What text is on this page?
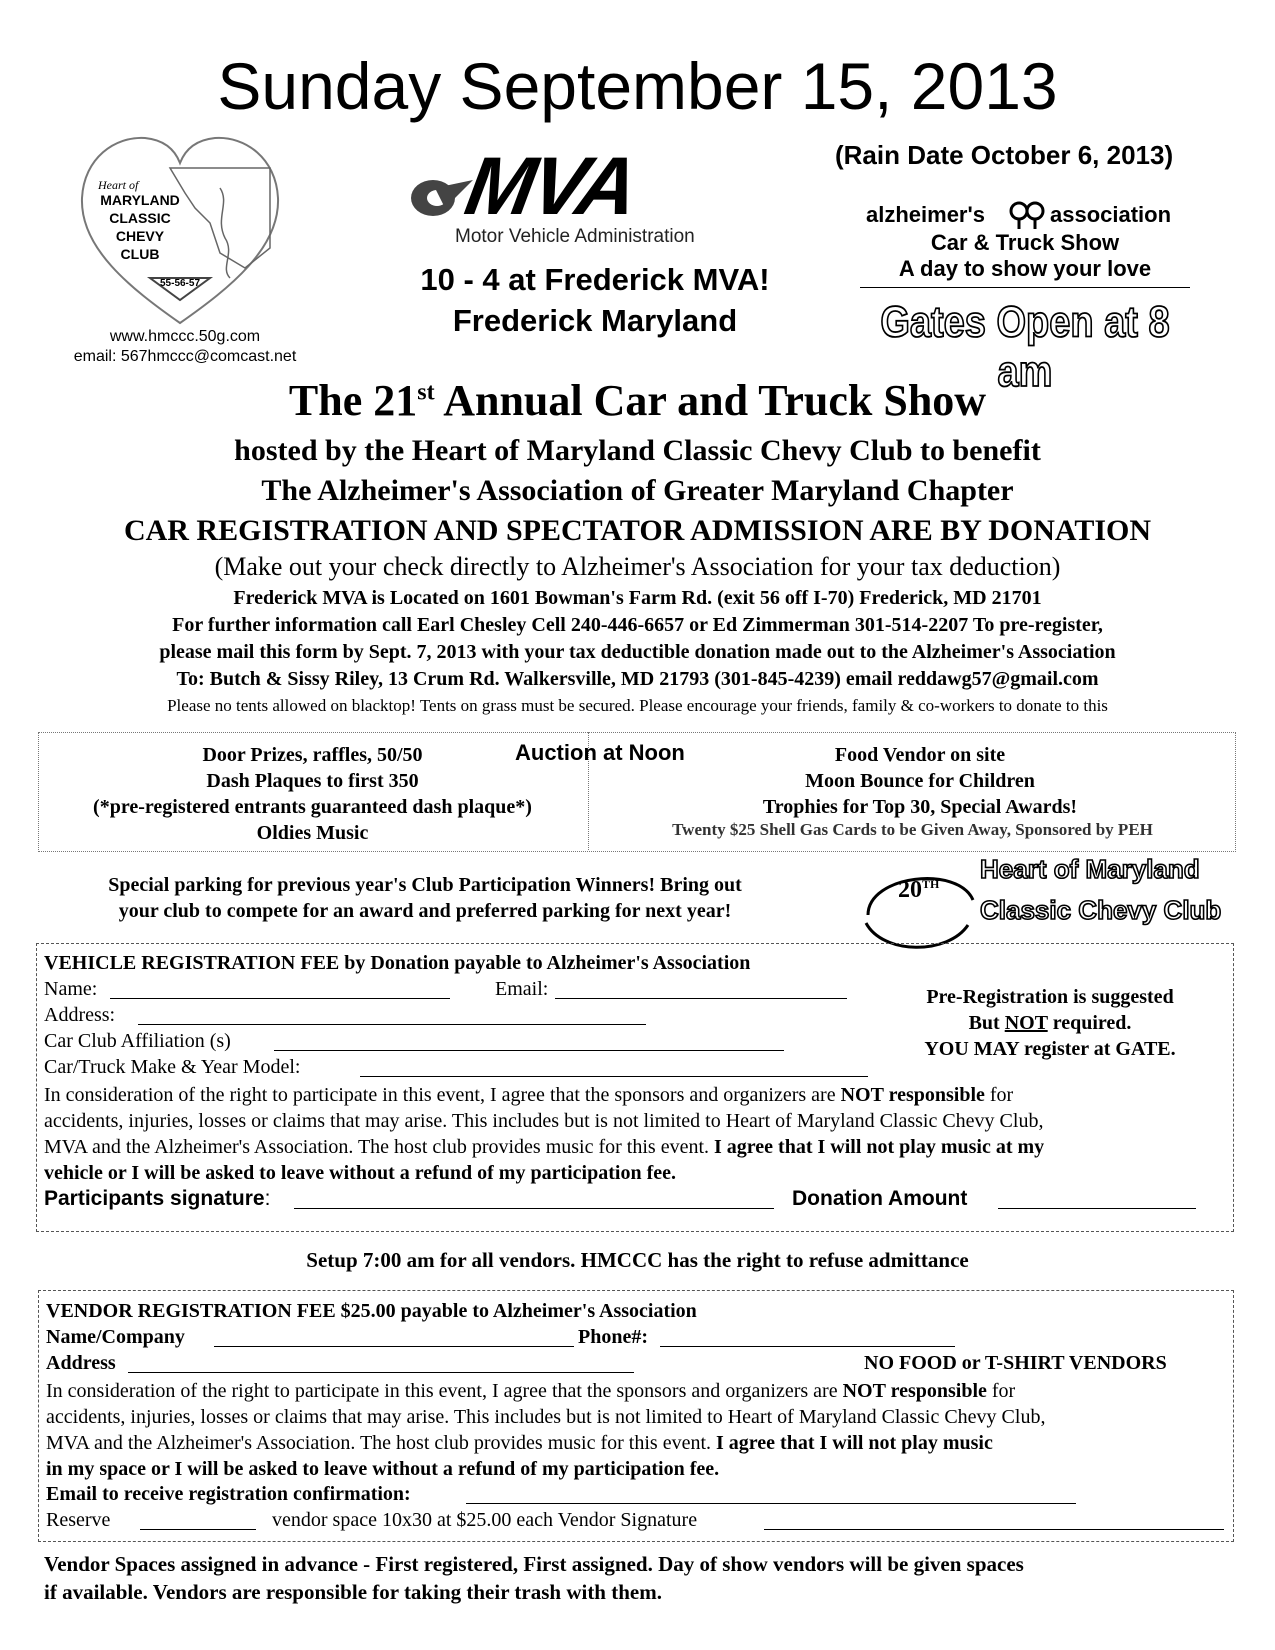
Sunday September 15, 2013
(Rain Date October 6, 2013)
Heart of
MARYLAND
CLASSIC
CHEVY
CLUB
55-56-57
www.hmccc.50g.com
email: 567hmccc@comcast.net
MVA
Motor Vehicle Administration
10 - 4 at Frederick MVA!
Frederick Maryland
alzheimer's	association
Car & Truck Show
A day to show your love
Gates Open at 8 am
The 21st Annual Car and Truck Show
hosted by the Heart of Maryland Classic Chevy Club to benefit
The Alzheimer's Association of Greater Maryland Chapter
CAR REGISTRATION AND SPECTATOR ADMISSION ARE BY DONATION
(Make out your check directly to Alzheimer's Association for your tax deduction)
Frederick MVA is Located on 1601 Bowman's Farm Rd. (exit 56 off I-70) Frederick, MD 21701
For further information call Earl Chesley Cell 240-446-6657 or Ed Zimmerman 301-514-2207 To pre-register,
please mail this form by Sept. 7, 2013 with your tax deductible donation made out to the Alzheimer's Association
To: Butch & Sissy Riley, 13 Crum Rd. Walkersville, MD 21793 (301-845-4239) email reddawg57@gmail.com
Please no tents allowed on blacktop! Tents on grass must be secured. Please encourage your friends, family & co-workers to donate to this
Door Prizes, raffles, 50/50
Dash Plaques to first 350
(*pre-registered entrants guaranteed dash plaque*)
Oldies Music
Auction at Noon	Food Vendor on site
Moon Bounce for Children
Trophies for Top 30, Special Awards!
Twenty $25 Shell Gas Cards to be Given Away, Sponsored by PEH
Special parking for previous year's Club Participation Winners! Bring out
your club to compete for an award and preferred parking for next year!
20TH Heart of Maryland
Classic Chevy Club
VEHICLE REGISTRATION FEE by Donation payable to Alzheimer's Association
Name:	Email:
Address:
Car Club Affiliation (s)
Car/Truck Make & Year Model:
Pre-Registration is suggested
But NOT required.
YOU MAY register at GATE.
In consideration of the right to participate in this event, I agree that the sponsors and organizers are NOT responsible for
accidents, injuries, losses or claims that may arise. This includes but is not limited to Heart of Maryland Classic Chevy Club,
MVA and the Alzheimer's Association. The host club provides music for this event. I agree that I will not play music at my
vehicle or I will be asked to leave without a refund of my participation fee.
Participants signature:	Donation Amount
Setup 7:00 am for all vendors. HMCCC has the right to refuse admittance
VENDOR REGISTRATION FEE $25.00 payable to Alzheimer's Association
Name/Company	Phone#:
Address	NO FOOD or T-SHIRT VENDORS
In consideration of the right to participate in this event, I agree that the sponsors and organizers are NOT responsible for
accidents, injuries, losses or claims that may arise. This includes but is not limited to Heart of Maryland Classic Chevy Club,
MVA and the Alzheimer's Association. The host club provides music for this event. I agree that I will not play music
in my space or I will be asked to leave without a refund of my participation fee.
Email to receive registration confirmation:
Reserve	vendor space 10x30 at $25.00 each Vendor Signature
Vendor Spaces assigned in advance - First registered, First assigned. Day of show vendors will be given spaces
if available. Vendors are responsible for taking their trash with them.
